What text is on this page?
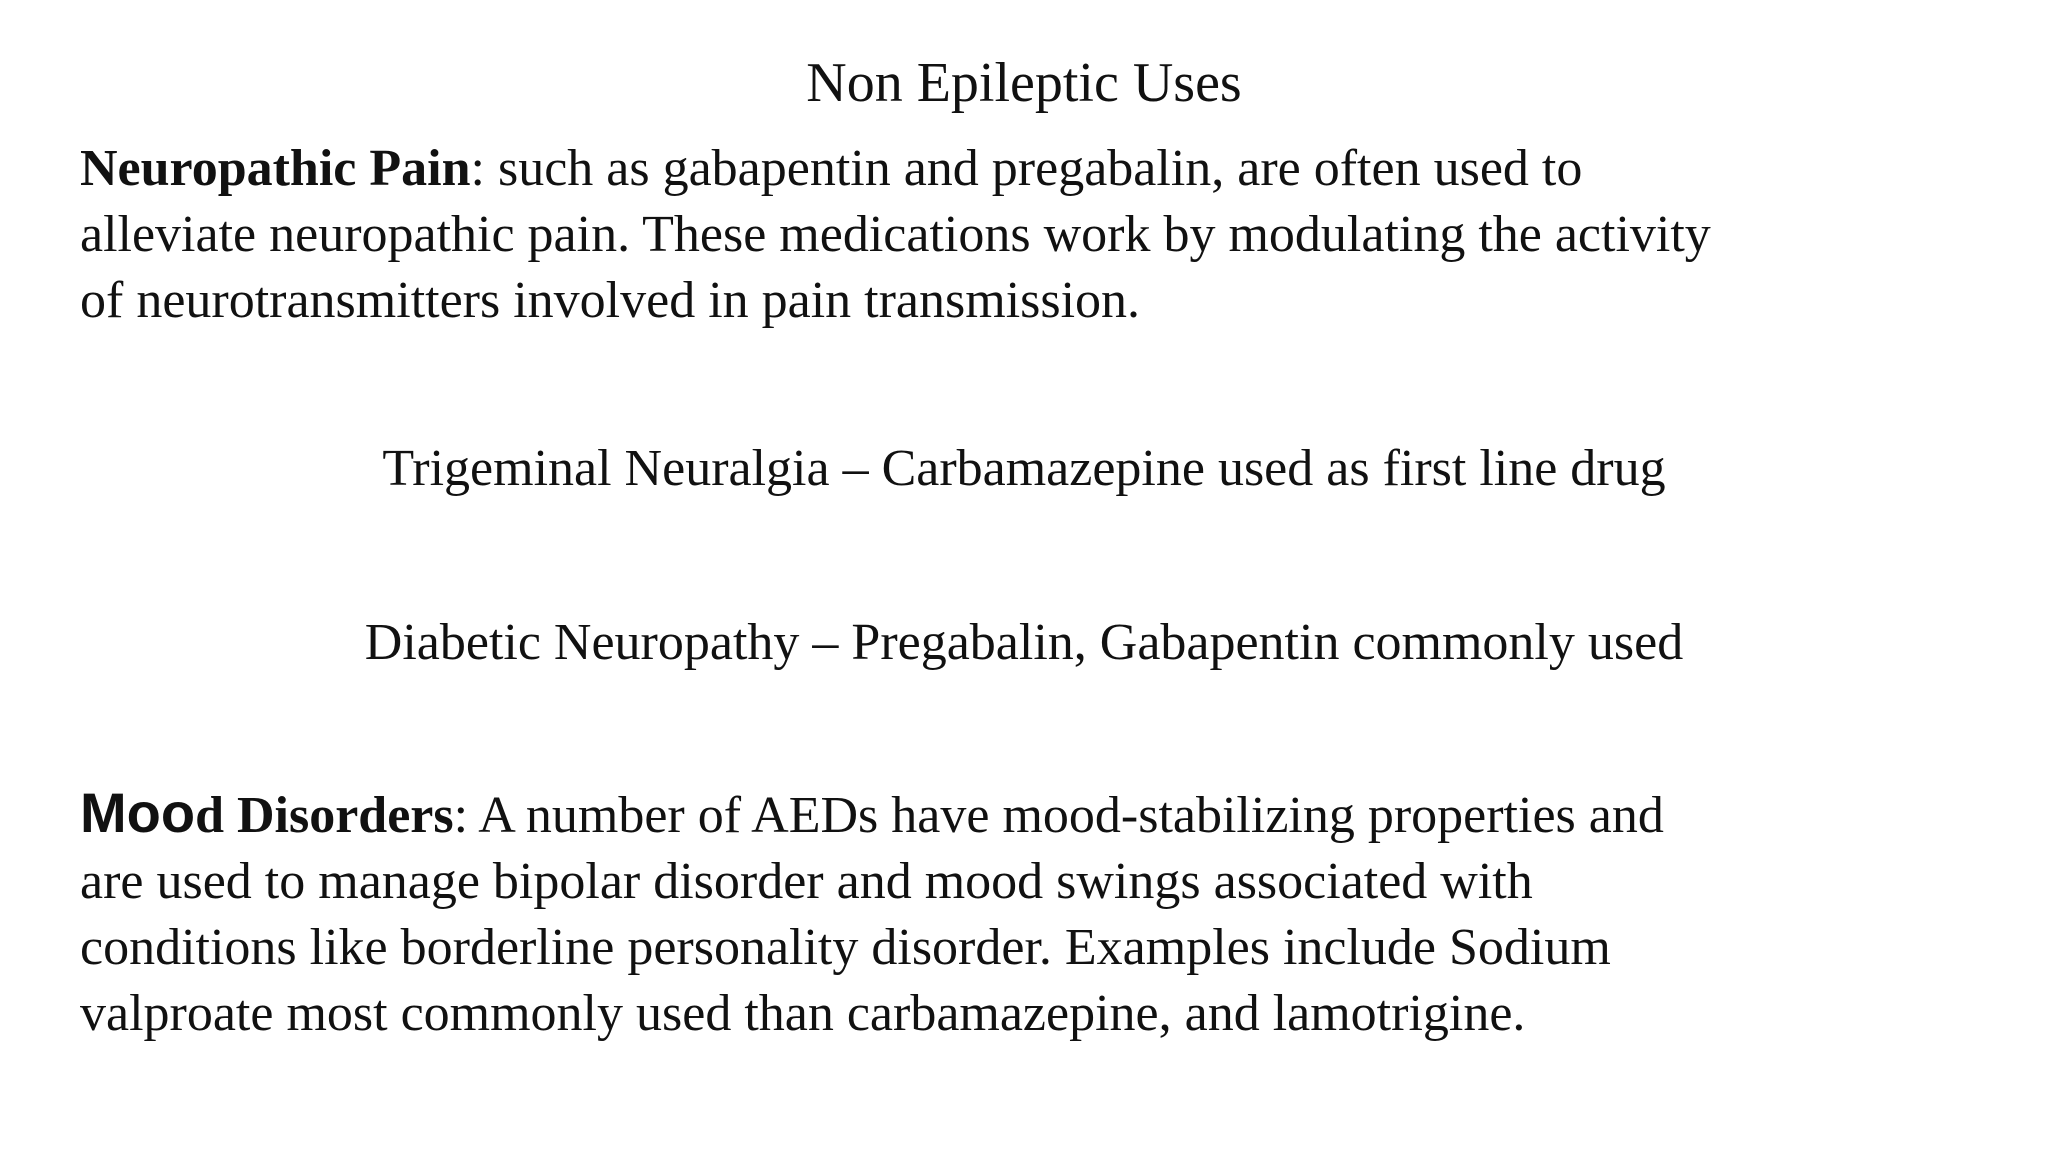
Non Epileptic Uses
Neuropathic Pain: such as gabapentin and pregabalin, are often used to
alleviate neuropathic pain. These medications work by modulating the activity
of neurotransmitters involved in pain transmission.
Trigeminal Neuralgia – Carbamazepine used as first line drug
Diabetic Neuropathy – Pregabalin, Gabapentin commonly used
Mood Disorders: A number of AEDs have mood-stabilizing properties and
are used to manage bipolar disorder and mood swings associated with
conditions like borderline personality disorder. Examples include Sodium
valproate most commonly used than carbamazepine, and lamotrigine.
